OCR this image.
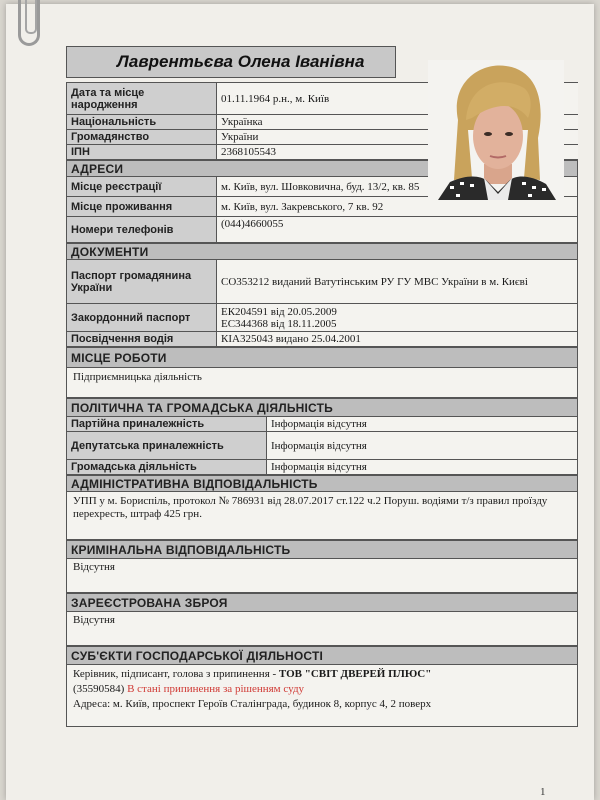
1
Лаврентьєва Олена Іванівна
Дата та місце народження	01.11.1964 р.н., м. Київ
Національність	Українка
Громадянство	України
ІПН	2368105543
АДРЕСИ	
Місце реєстрації	м. Київ, вул. Шовковична, буд. 13/2, кв. 85
Місце проживання	м. Київ, вул. Закревського, 7 кв. 92
Номери телефонів	(044)4660055
ДОКУМЕНТИ	
Паспорт громадянина України	СО353212 виданий Ватутінським РУ ГУ МВС України в м. Києві
Закордонний паспорт	ЕК204591 від 20.05.2009
ЕС344368 від 18.11.2005

Посвідчення водія	КІА325043 видано 25.04.2001
МІСЦЕ РОБОТИ
Підприємницька діяльність
ПОЛІТИЧНА ТА ГРОМАДСЬКА ДІЯЛЬНІСТЬ	
Партійна приналежність	Інформація відсутня
Депутатська приналежність	Інформація відсутня
Громадська діяльність	Інформація відсутня
АДМІНІСТРАТИВНА ВІДПОВІДАЛЬНІСТЬ
УПП у м. Бориспіль, протокол № 786931 від 28.07.2017 ст.122 ч.2 Поруш. водіями т/з правил проїзду перехресть, штраф 425 грн.
КРИМІНАЛЬНА ВІДПОВІДАЛЬНІСТЬ
Відсутня
ЗАРЕЄСТРОВАНА ЗБРОЯ
Відсутня
СУБ'ЄКТИ ГОСПОДАРСЬКОЇ ДІЯЛЬНОСТІ
Керівник, підписант, голова з припинення - ТОВ "СВІТ ДВЕРЕЙ ПЛЮС"
(35590584) В стані припинення за рішенням суду
Адреса: м. Київ, проспект Героїв Сталінграда, будинок 8, корпус 4, 2 поверх
